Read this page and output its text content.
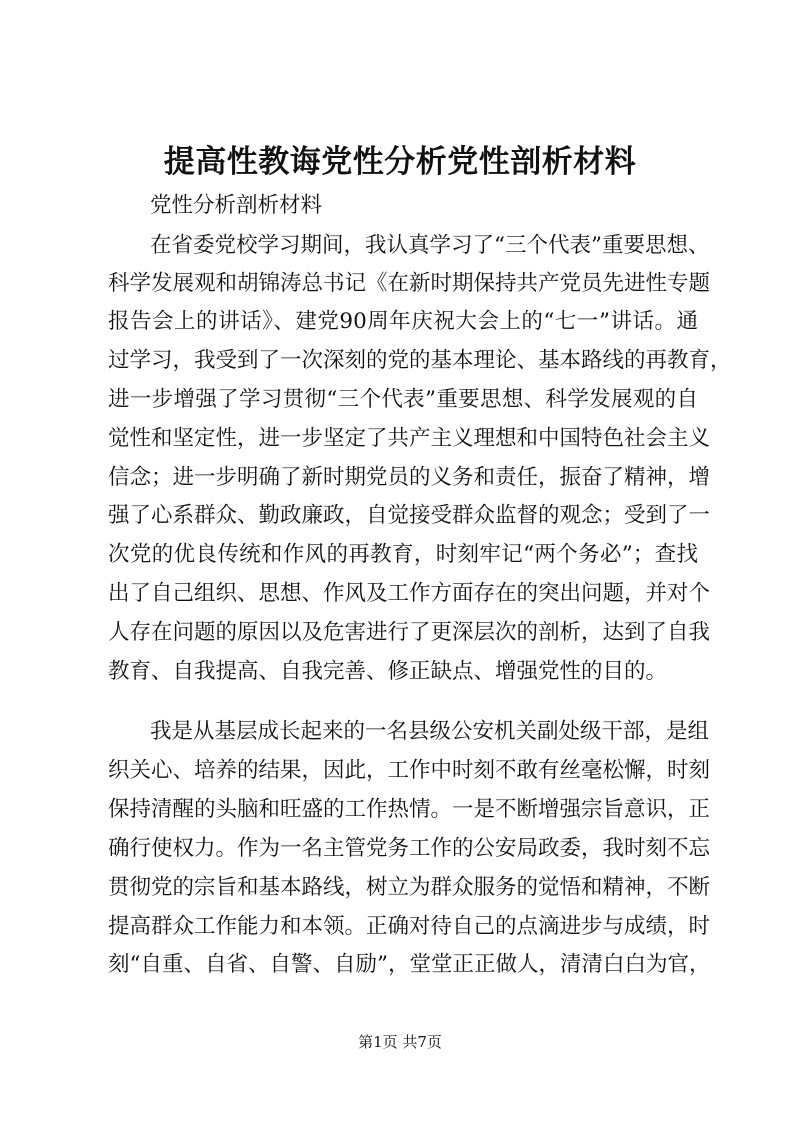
提高性教诲党性分析党性剖析材料
党性分析剖析材料
在省委党校学习期间，我认真学习了“三个代表”重要思想、
科学发展观和胡锦涛总书记《在新时期保持共产党员先进性专题
报告会上的讲话》、建党90周年庆祝大会上的“七一”讲话。通
过学习，我受到了一次深刻的党的基本理论、基本路线的再教育，
进一步增强了学习贯彻“三个代表”重要思想、科学发展观的自
觉性和坚定性，进一步坚定了共产主义理想和中国特色社会主义
信念；进一步明确了新时期党员的义务和责任，振奋了精神，增
强了心系群众、勤政廉政，自觉接受群众监督的观念；受到了一
次党的优良传统和作风的再教育，时刻牢记“两个务必”；查找
出了自己组织、思想、作风及工作方面存在的突出问题，并对个
人存在问题的原因以及危害进行了更深层次的剖析，达到了自我
教育、自我提高、自我完善、修正缺点、增强党性的目的。
我是从基层成长起来的一名县级公安机关副处级干部，是组
织关心、培养的结果，因此，工作中时刻不敢有丝毫松懈，时刻
保持清醒的头脑和旺盛的工作热情。一是不断增强宗旨意识，正
确行使权力。作为一名主管党务工作的公安局政委，我时刻不忘
贯彻党的宗旨和基本路线，树立为群众服务的觉悟和精神，不断
提高群众工作能力和本领。正确对待自己的点滴进步与成绩，时
刻“自重、自省、自警、自励”，堂堂正正做人，清清白白为官，
第1页 共7页
